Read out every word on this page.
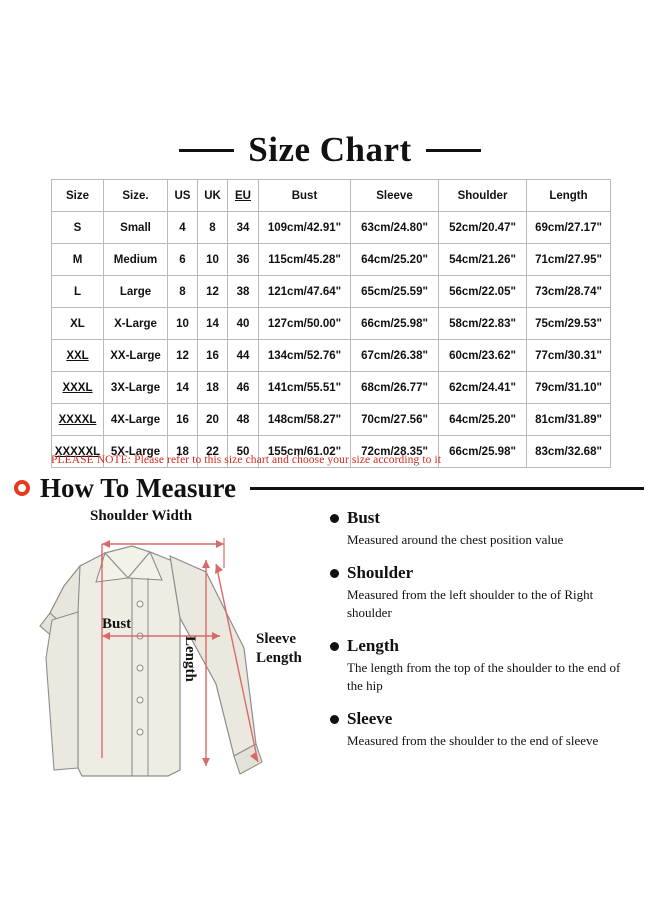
Size Chart
Size	Size.	US	UK	EU	Bust	Sleeve	Shoulder	Length
S	Small	4	8	34	109cm/42.91"	63cm/24.80"	52cm/20.47"	69cm/27.17"
M	Medium	6	10	36	115cm/45.28"	64cm/25.20"	54cm/21.26"	71cm/27.95"
L	Large	8	12	38	121cm/47.64"	65cm/25.59"	56cm/22.05"	73cm/28.74"
XL	X-Large	10	14	40	127cm/50.00"	66cm/25.98"	58cm/22.83"	75cm/29.53"
XXL	XX-Large	12	16	44	134cm/52.76"	67cm/26.38"	60cm/23.62"	77cm/30.31"
XXXL	3X-Large	14	18	46	141cm/55.51"	68cm/26.77"	62cm/24.41"	79cm/31.10"
XXXXL	4X-Large	16	20	48	148cm/58.27"	70cm/27.56"	64cm/25.20"	81cm/31.89"
XXXXXL	5X-Large	18	22	50	155cm/61.02"	72cm/28.35"	66cm/25.98"	83cm/32.68"
PLEASE NOTE: Please refer to this size chart and choose your size according to it
How To Measure
Shoulder Width
Bust
Sleeve
Length
Length
Bust
Measured around the chest position value
Shoulder
Measured from the left shoulder to the of Right shoulder
Length
The length from the top of the shoulder to the end of the hip
Sleeve
Measured from the shoulder to the end of sleeve
